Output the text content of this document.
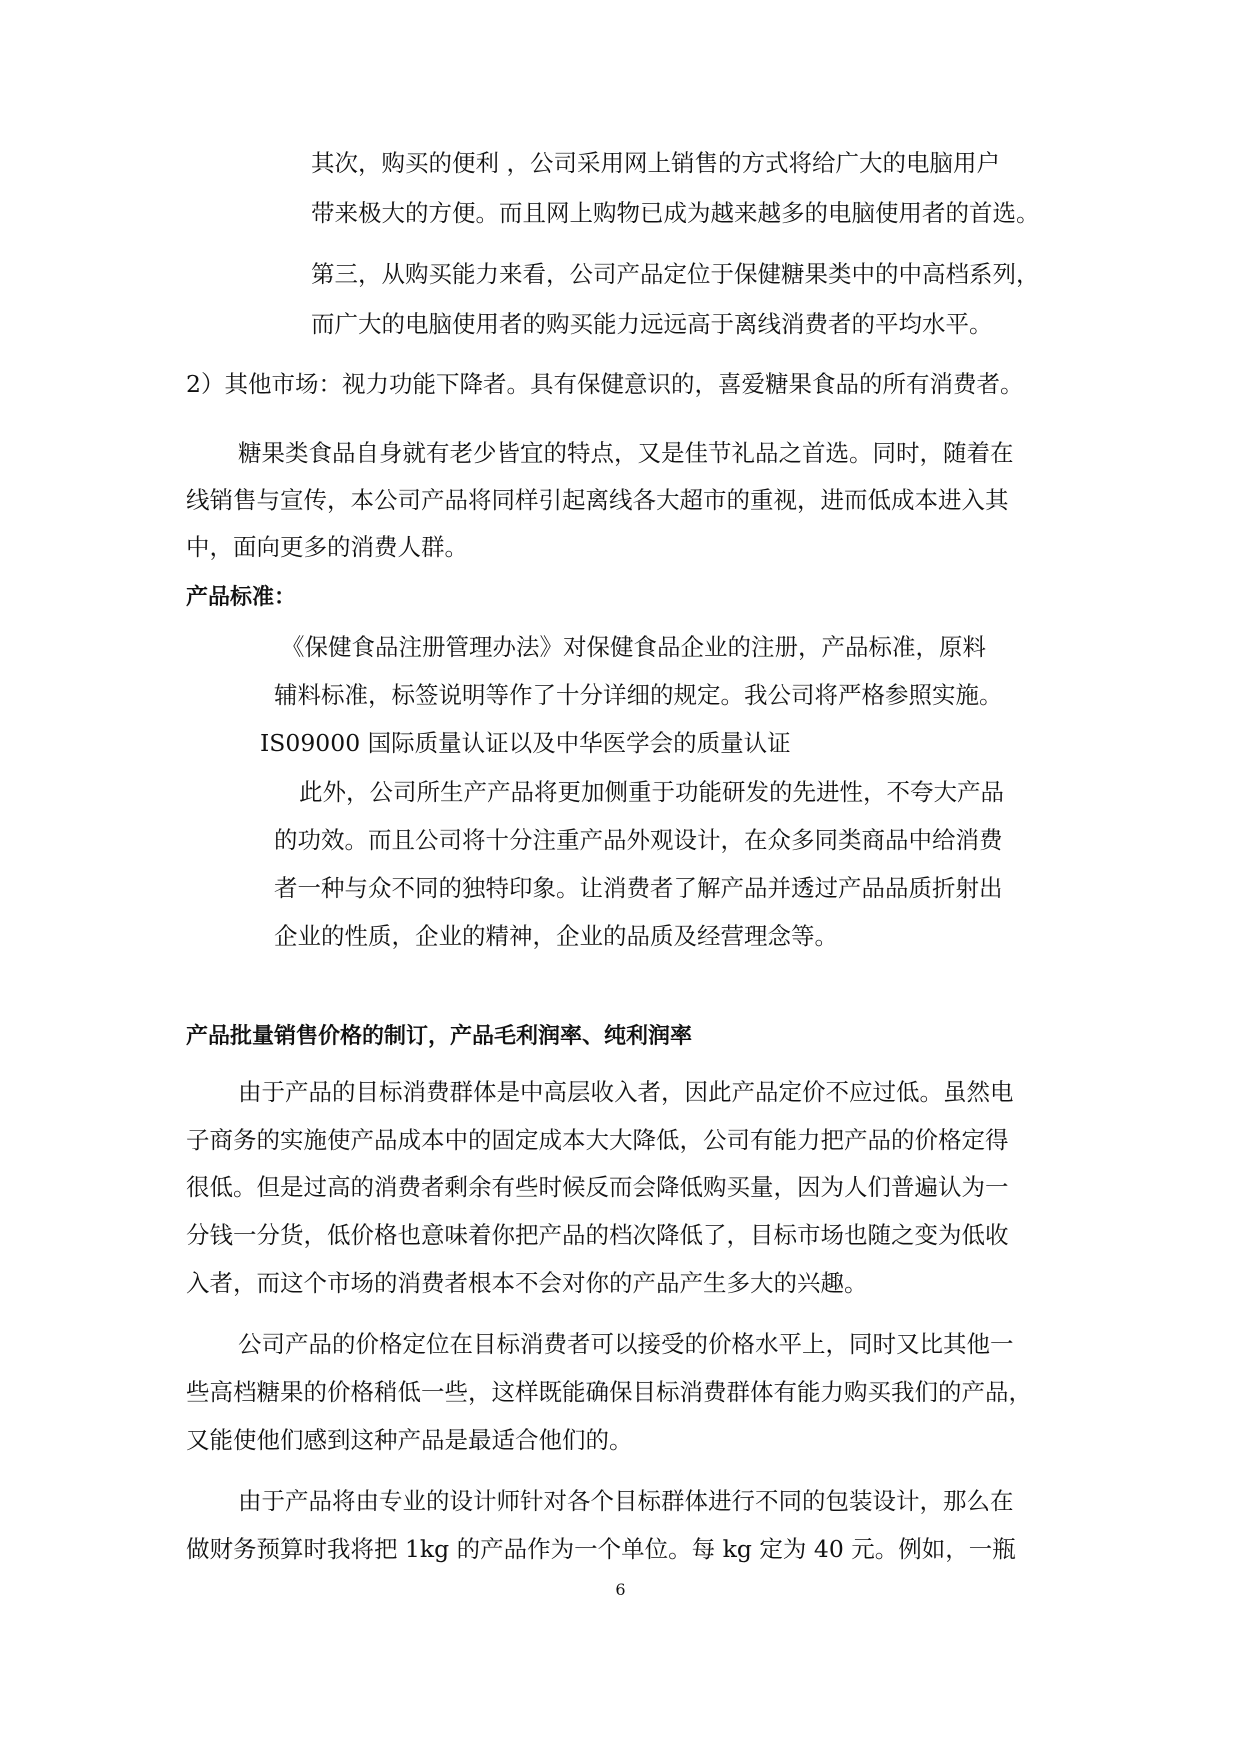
其次，购买的便利 ，公司采用网上销售的方式将给广大的电脑用户
带来极大的方便。而且网上购物已成为越来越多的电脑使用者的首选。
第三，从购买能力来看，公司产品定位于保健糖果类中的中高档系列，
而广大的电脑使用者的购买能力远远高于离线消费者的平均水平。
2）其他市场：视力功能下降者。具有保健意识的，喜爱糖果食品的所有消费者。
糖果类食品自身就有老少皆宜的特点，又是佳节礼品之首选。同时，随着在
线销售与宣传，本公司产品将同样引起离线各大超市的重视，进而低成本进入其
中，面向更多的消费人群。
产品标准：
《保健食品注册管理办法》对保健食品企业的注册，产品标准，原料
辅料标准，标签说明等作了十分详细的规定。我公司将严格参照实施。
IS09000 国际质量认证以及中华医学会的质量认证
此外，公司所生产产品将更加侧重于功能研发的先进性，不夸大产品
的功效。而且公司将十分注重产品外观设计，在众多同类商品中给消费
者一种与众不同的独特印象。让消费者了解产品并透过产品品质折射出
企业的性质，企业的精神，企业的品质及经营理念等。
产品批量销售价格的制订，产品毛利润率、纯利润率
由于产品的目标消费群体是中高层收入者，因此产品定价不应过低。虽然电
子商务的实施使产品成本中的固定成本大大降低，公司有能力把产品的价格定得
很低。但是过高的消费者剩余有些时候反而会降低购买量，因为人们普遍认为一
分钱一分货，低价格也意味着你把产品的档次降低了，目标市场也随之变为低收
入者，而这个市场的消费者根本不会对你的产品产生多大的兴趣。
公司产品的价格定位在目标消费者可以接受的价格水平上，同时又比其他一
些高档糖果的价格稍低一些，这样既能确保目标消费群体有能力购买我们的产品，
又能使他们感到这种产品是最适合他们的。
由于产品将由专业的设计师针对各个目标群体进行不同的包装设计，那么在
做财务预算时我将把 1kg 的产品作为一个单位。每 kg 定为 40 元。例如，一瓶
6
